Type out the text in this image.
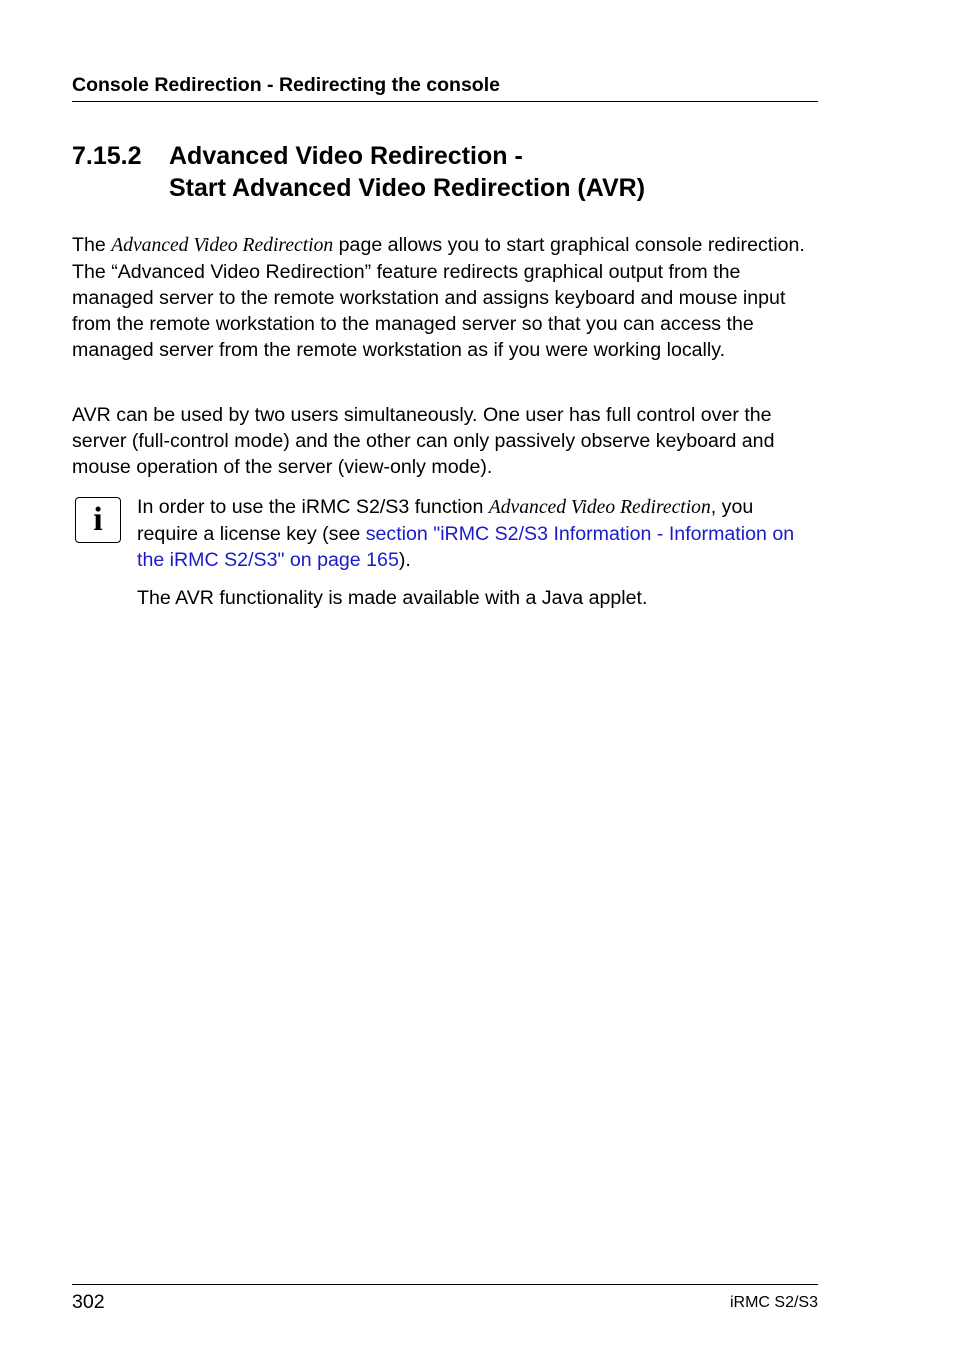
Console Redirection - Redirecting the console
7.15.2 Advanced Video Redirection -
Start Advanced Video Redirection (AVR)
The Advanced Video Redirection page allows you to start graphical console redirection. The “Advanced Video Redirection” feature redirects graphical output from the managed server to the remote workstation and assigns keyboard and mouse input from the remote workstation to the managed server so that you can access the managed server from the remote workstation as if you were working locally.
AVR can be used by two users simultaneously. One user has full control over the server (full-control mode) and the other can only passively observe keyboard and mouse operation of the server (view-only mode).
i	In order to use the iRMC S2/S3 function Advanced Video Redirection, you require a license key (see section "iRMC S2/S3 Information - Information on the iRMC S2/S3" on page 165).
The AVR functionality is made available with a Java applet.
302	iRMC S2/S3
